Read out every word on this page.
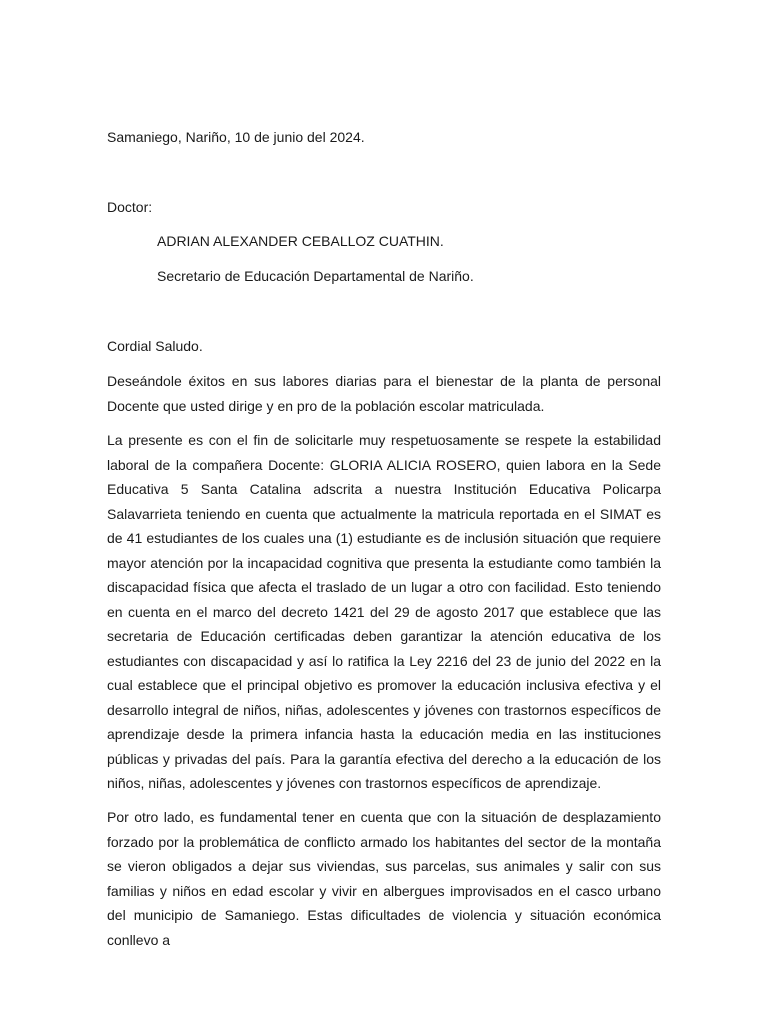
Samaniego, Nariño, 10 de junio del 2024.
Doctor:
ADRIAN ALEXANDER CEBALLOZ CUATHIN.
Secretario de Educación Departamental de Nariño.
Cordial Saludo.

Deseándole éxitos en sus labores diarias para el bienestar de la planta de personal Docente que usted dirige y en pro de la población escolar matriculada.

La presente es con el fin de solicitarle muy respetuosamente se respete la estabilidad laboral de la compañera Docente: GLORIA ALICIA ROSERO, quien labora en la Sede Educativa 5 Santa Catalina adscrita a nuestra Institución Educativa Policarpa Salavarrieta teniendo en cuenta que actualmente la matricula reportada en el SIMAT es de 41 estudiantes de los cuales una (1) estudiante es de inclusión situación que requiere mayor atención por la incapacidad cognitiva que presenta la estudiante como también la discapacidad física que afecta el traslado de un lugar a otro con facilidad. Esto teniendo en cuenta en el marco del decreto 1421 del 29 de agosto 2017 que establece que las secretaria de Educación certificadas deben garantizar la atención educativa de los estudiantes con discapacidad y así lo ratifica la Ley 2216 del 23 de junio del 2022 en la cual establece que el principal objetivo es promover la educación inclusiva efectiva y el desarrollo integral de niños, niñas, adolescentes y jóvenes con trastornos específicos de aprendizaje desde la primera infancia hasta la educación media en las instituciones públicas y privadas del país. Para la garantía efectiva del derecho a la educación de los niños, niñas, adolescentes y jóvenes con trastornos específicos de aprendizaje.

Por otro lado, es fundamental tener en cuenta que con la situación de desplazamiento forzado por la problemática de conflicto armado los habitantes del sector de la montaña se vieron obligados a dejar sus viviendas, sus parcelas, sus animales y salir con sus familias y niños en edad escolar y vivir en albergues improvisados en el casco urbano del municipio de Samaniego. Estas dificultades de violencia y situación económica conllevo a
